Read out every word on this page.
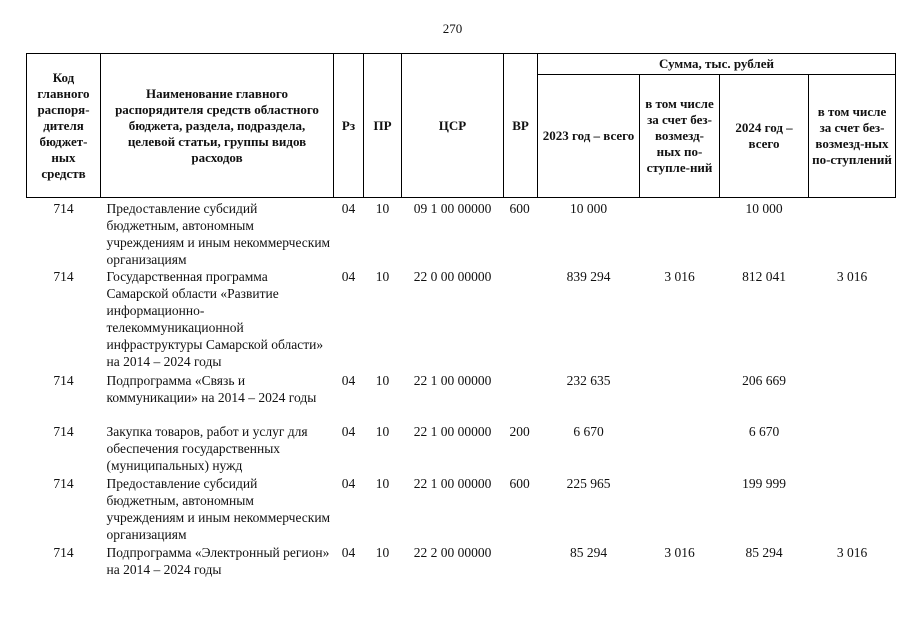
270
Код главного распоря-дителя бюджет-ных средств	Наименование главного распорядителя средств областного бюджета, раздела, подраздела, целевой статьи, группы видов расходов	Рз	ПР	ЦСР	ВР	Сумма, тыс. рублей			
						2023 год – всего	в том числе за счет без-возмезд-ных по-ступле-ний	2024 год – всего	в том числе за счет без-возмезд-ных по-ступлений
714	Предоставление субсидий бюджетным, автономным учреждениям и иным некоммерческим организациям	04	10	09 1 00 00000	600	10 000		10 000	
714	Государственная программа Самарской области «Развитие информационно-телекоммуникационной инфраструктуры Самарской области» на 2014 – 2024 годы	04	10	22 0 00 00000		839 294	3 016	812 041	3 016
714	Подпрограмма «Связь и коммуникации» на 2014 – 2024 годы	04	10	22 1 00 00000		232 635		206 669	
714	Закупка товаров, работ и услуг для обеспечения государственных (муниципальных) нужд	04	10	22 1 00 00000	200	6 670		6 670	
714	Предоставление субсидий бюджетным, автономным учреждениям и иным некоммерческим организациям	04	10	22 1 00 00000	600	225 965		199 999	
714	Подпрограмма «Электронный регион» на 2014 – 2024 годы	04	10	22 2 00 00000		85 294	3 016	85 294	3 016
